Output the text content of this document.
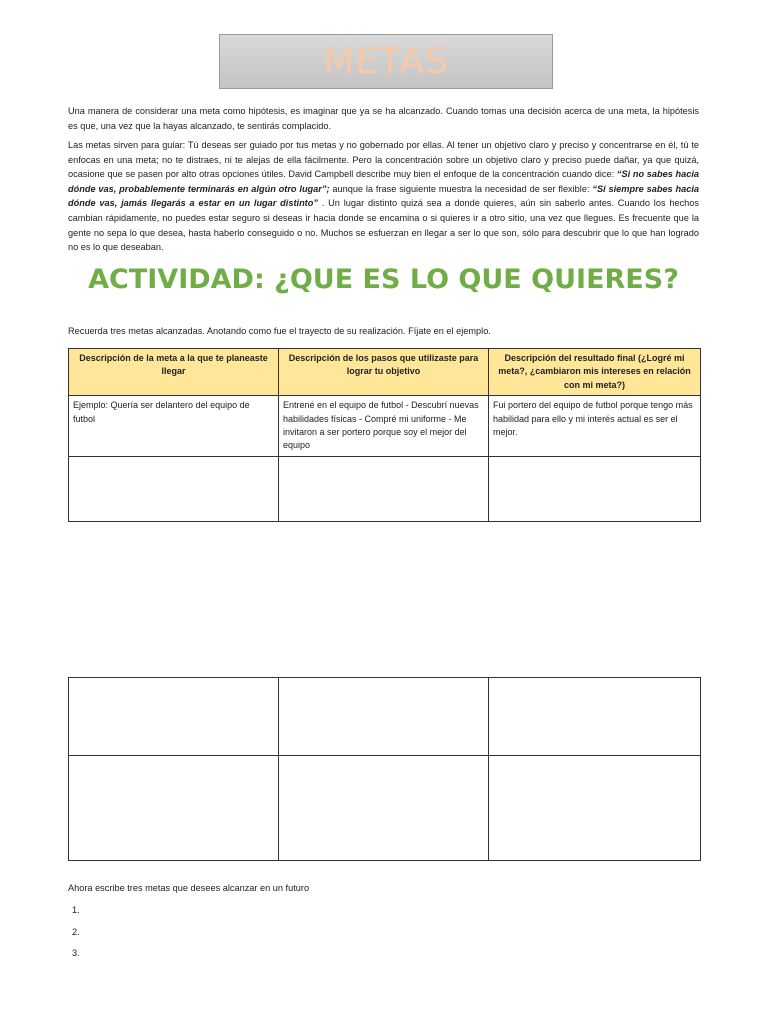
METAS

Una manera de considerar una meta como hipótesis, es imaginar que ya se ha alcanzado. Cuando tomas una decisión acerca de una meta, la hipótesis es que, una vez que la hayas alcanzado, te sentirás complacido.

Las metas sirven para guiar: Tú deseas ser guiado por tus metas y no gobernado por ellas. Al tener un objetivo claro y preciso y concentrarse en él, tú te enfocas en una meta; no te distraes, ni te alejas de ella fácilmente. Pero la concentración sobre un objetivo claro y preciso puede dañar, ya que quizá, ocasione que se pasen por alto otras opciones útiles. David Campbell describe muy bien el enfoque de la concentración cuando dice: “Si no sabes hacia dónde vas, probablemente terminarás en algún otro lugar”; aunque la frase siguiente muestra la necesidad de ser flexible: “Si siempre sabes hacia dónde vas, jamás llegarás a estar en un lugar distinto” . Un lugar distinto quizá sea a donde quieres, aún sin saberlo antes. Cuando los hechos cambian rápidamente, no puedes estar seguro si deseas ir hacia donde se encamina o si quieres ir a otro sitio, una vez que llegues. Es frecuente que la gente no sepa lo que desea, hasta haberlo conseguido o no. Muchos se esfuerzan en llegar a ser lo que son, sólo para descubrir que lo que han logrado no es lo que deseaban.

ACTIVIDAD: ¿QUE ES LO QUE QUIERES?

Recuerda tres metas alcanzadas. Anotando como fue el trayecto de su realización. Fíjate en el ejemplo.

Descripción de la meta a la que te planeaste llegar	Descripción de los pasos que utilizaste para lograr tu objetivo	Descripción del resultado final (¿Logré mi meta?, ¿cambiaron mis intereses en relación con mi meta?)
Ejemplo: Quería ser delantero del equipo de futbol	Entrené en el equipo de futbol - Descubrí nuevas habilidades físicas - Compré mi uniforme - Me invitaron a ser portero porque soy el mejor del equipo	Fui portero del equipo de futbol porque tengo más habilidad para ello y mi interés actual es ser el mejor.

Ahora escribe tres metas que desees alcanzar en un futuro

1.

2.

3.
